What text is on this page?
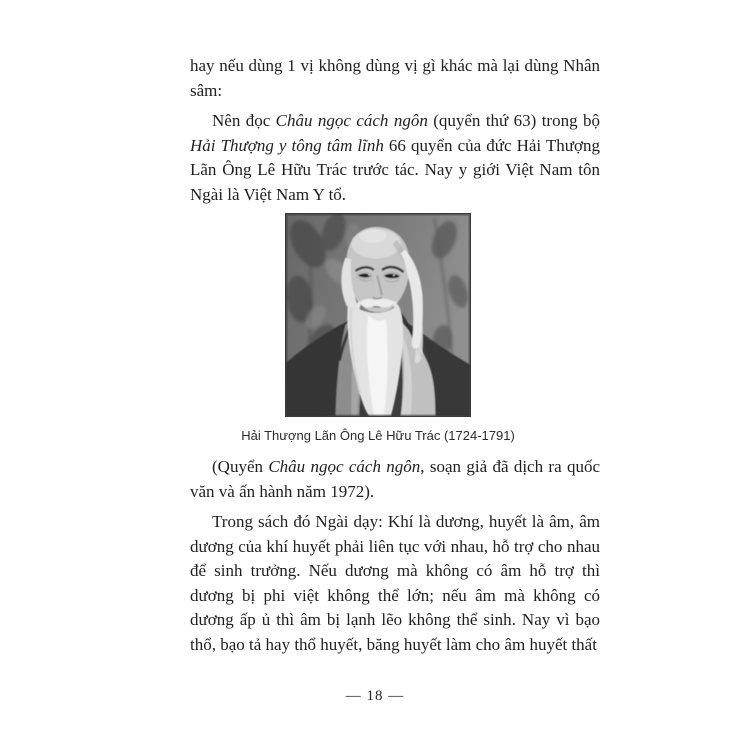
hay nếu dùng 1 vị không dùng vị gì khác mà lại dùng Nhân sâm:

Nên đọc Châu ngọc cách ngôn (quyển thứ 63) trong bộ Hải Thượng y tông tâm lĩnh 66 quyển của đức Hải Thượng Lãn Ông Lê Hữu Trác trước tác. Nay y giới Việt Nam tôn Ngài là Việt Nam Y tổ.

Hải Thượng Lãn Ông Lê Hữu Trác (1724-1791)

(Quyển Châu ngọc cách ngôn, soạn giả đã dịch ra quốc văn và ấn hành năm 1972).

Trong sách đó Ngài dạy: Khí là dương, huyết là âm, âm dương của khí huyết phải liên tục với nhau, hỗ trợ cho nhau để sinh trưởng. Nếu dương mà không có âm hỗ trợ thì dương bị phi việt không thể lớn; nếu âm mà không có dương ấp ủ thì âm bị lạnh lẽo không thể sinh. Nay vì bạo thổ, bạo tả hay thổ huyết, băng huyết làm cho âm huyết thất

— 18 —
